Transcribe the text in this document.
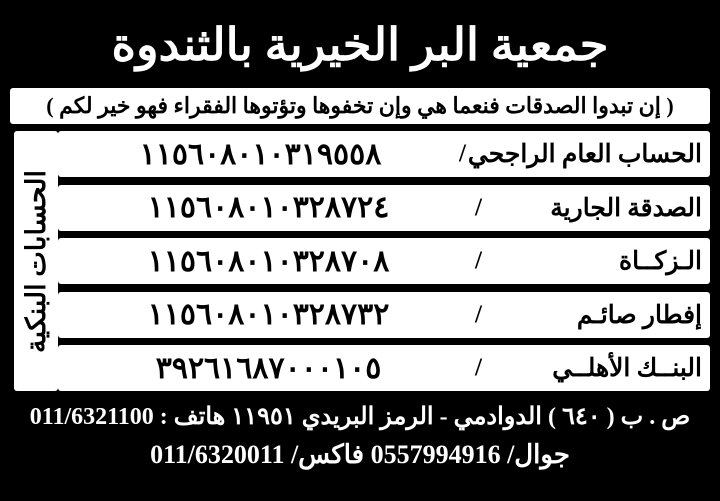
جمعية البر الخيرية بالثندوة
( إن تبدوا الصدقات فنعما هي وإن تخفوها وتؤتوها الفقراء فهو خير لكم )
الحساب العام الراجحي
/
١١٥٦٠٨٠١٠٣١٩٥٥٨
الصدقة الجارية
/
١١٥٦٠٨٠١٠٣٢٨٧٢٤
الـزكــاة
/
١١٥٦٠٨٠١٠٣٢٨٧٠٨
إفطار صائـم
/
١١٥٦٠٨٠١٠٣٢٨٧٣٢
البنــك الأهلــي
/
٣٩٢٦١٦٨٧٠٠٠١٠٥
الحسابات البنكية
ص . ب ( ٦٤٠ ) الدوادمي - الرمز البريدي ١١٩٥١ هاتف : 011/6321100
جوال/ 0557994916 فاكس/ 011/6320011
